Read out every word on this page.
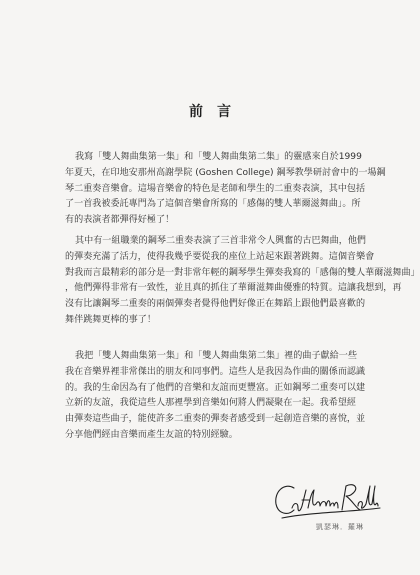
前言
我寫「雙人舞曲集第一集」和「雙人舞曲集第二集」的靈感來自於1999
年夏天，在印地安那州高謝學院 (Goshen College) 鋼琴教學研討會中的一場鋼
琴二重奏音樂會。這場音樂會的特色是老師和學生的二重奏表演，其中包括
了一首我被委託專門為了這個音樂會所寫的「感傷的雙人華爾滋舞曲」。所
有的表演者都彈得好極了！
其中有一組職業的鋼琴二重奏表演了三首非常令人興奮的古巴舞曲，他們
的彈奏充滿了活力，使得我幾乎要從我的座位上站起來跟著跳舞。這個音樂會
對我而言最精彩的部分是一對非常年輕的鋼琴學生彈奏我寫的「感傷的雙人華爾滋舞曲」
，他們彈得非常有一致性，並且真的抓住了華爾滋舞曲優雅的特質。這讓我想到，再
沒有比讓鋼琴二重奏的兩個彈奏者覺得他們好像正在舞蹈上跟他們最喜歡的
舞伴跳舞更棒的事了！
我把「雙人舞曲集第一集」和「雙人舞曲集第二集」裡的曲子獻給一些
我在音樂界裡非常傑出的朋友和同事們。這些人是我因為作曲的關係而認識
的。我的生命因為有了他們的音樂和友誼而更豐富。正如鋼琴二重奏可以建
立新的友誼，我從這些人那裡學到音樂如何將人們凝聚在一起。我希望經
由彈奏這些曲子，能使許多二重奏的彈奏者感受到一起創造音樂的喜悅，並
分享他們經由音樂而產生友誼的特別經驗。
凱瑟琳．羅琳
